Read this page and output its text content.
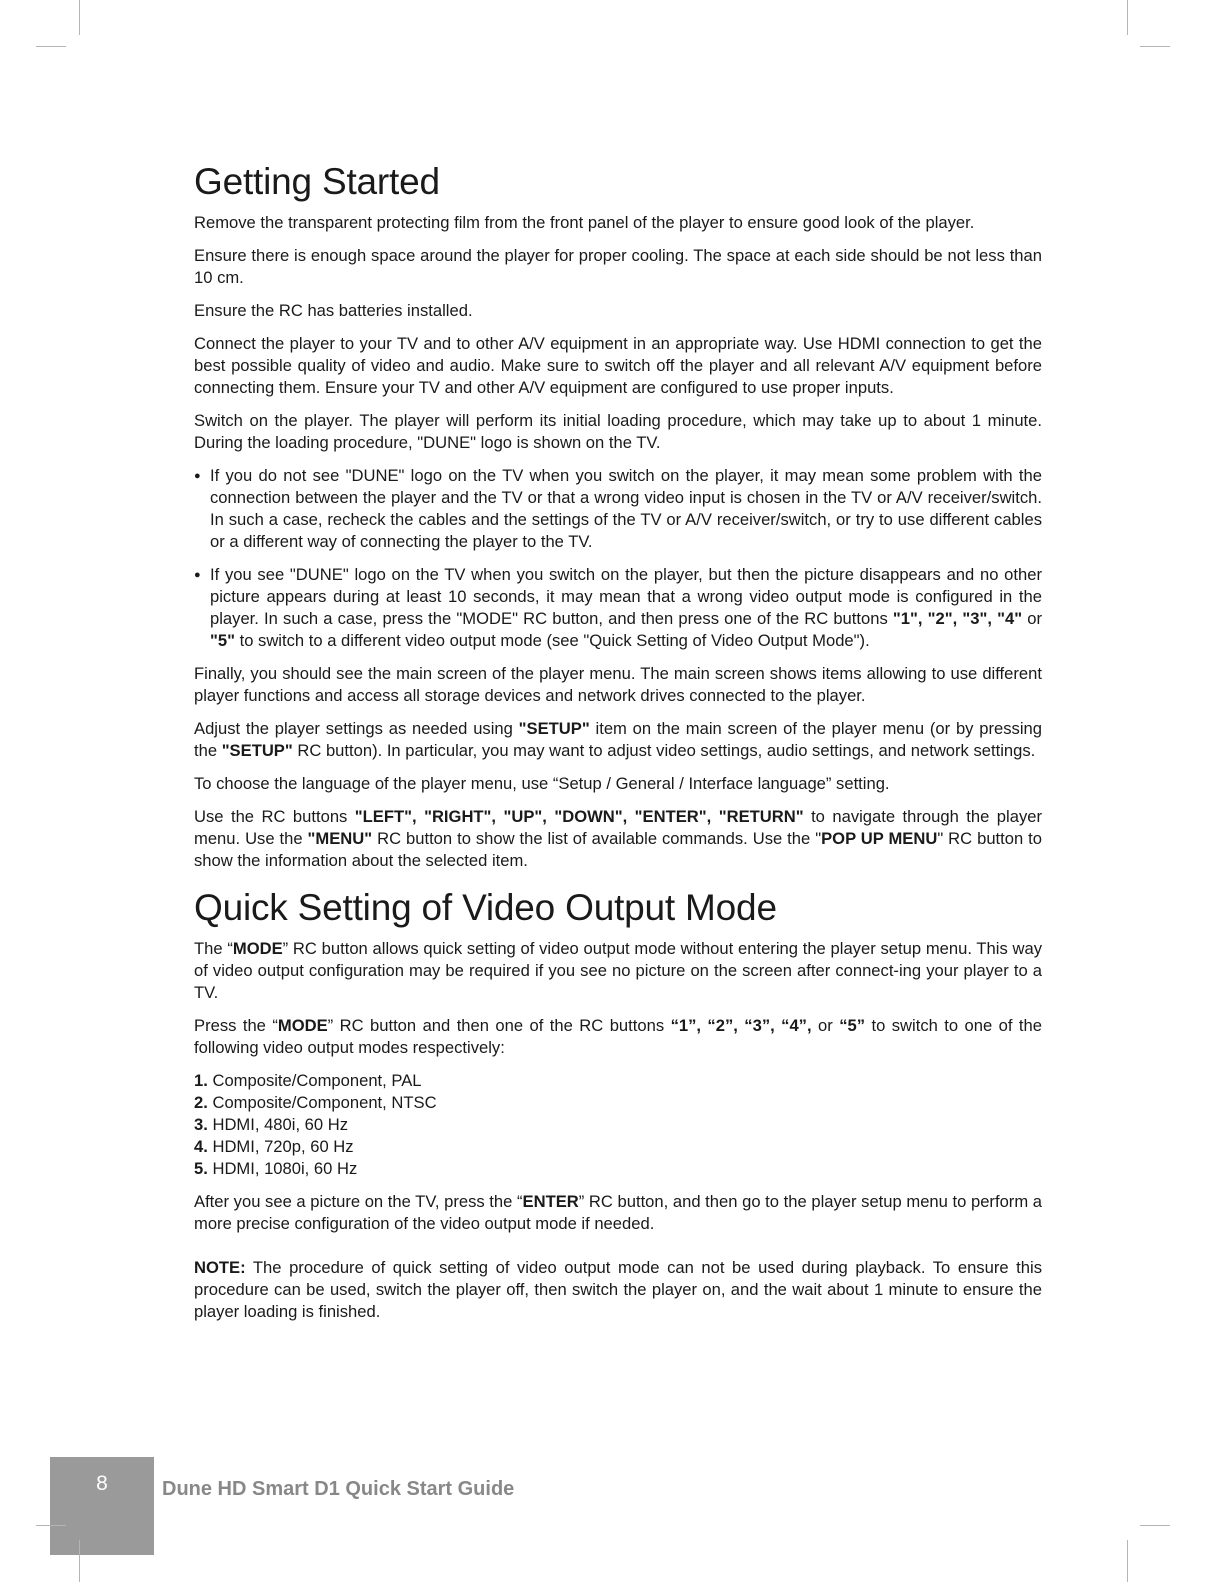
Getting Started

Remove the transparent protecting film from the front panel of the player to ensure good look of the player.

Ensure there is enough space around the player for proper cooling. The space at each side should be not less than 10 cm.

Ensure the RC has batteries installed.

Connect the player to your TV and to other A/V equipment in an appropriate way. Use HDMI connection to get the best possible quality of video and audio. Make sure to switch off the player and all relevant A/V equipment before connecting them. Ensure your TV and other A/V equipment are configured to use proper inputs.

Switch on the player. The player will perform its initial loading procedure, which may take up to about 1 minute. During the loading procedure, "DUNE" logo is shown on the TV.

● If you do not see "DUNE" logo on the TV when you switch on the player, it may mean some problem with the connection between the player and the TV or that a wrong video input is chosen in the TV or A/V receiver/switch. In such a case, recheck the cables and the settings of the TV or A/V receiver/switch, or try to use different cables or a different way of connecting the player to the TV.
● If you see "DUNE" logo on the TV when you switch on the player, but then the picture disappears and no other picture appears during at least 10 seconds, it may mean that a wrong video output mode is configured in the player. In such a case, press the "MODE" RC button, and then press one of the RC buttons "1", "2", "3", "4" or "5" to switch to a different video output mode (see "Quick Setting of Video Output Mode").

Finally, you should see the main screen of the player menu. The main screen shows items allowing to use different player functions and access all storage devices and network drives connected to the player.

Adjust the player settings as needed using "SETUP" item on the main screen of the player menu (or by pressing the "SETUP" RC button). In particular, you may want to adjust video settings, audio settings, and network settings.

To choose the language of the player menu, use “Setup / General / Interface language” setting.

Use the RC buttons "LEFT", "RIGHT", "UP", "DOWN", "ENTER", "RETURN" to navigate through the player menu. Use the "MENU" RC button to show the list of available commands. Use the "POP UP MENU" RC button to show the information about the selected item.

Quick Setting of Video Output Mode

The “MODE” RC button allows quick setting of video output mode without entering the player setup menu. This way of video output configuration may be required if you see no picture on the screen after connect-ing your player to a TV.

Press the “MODE” RC button and then one of the RC buttons “1”, “2”, “3”, “4”, or “5” to switch to one of the following video output modes respectively:

1. Composite/Component, PAL
2. Composite/Component, NTSC
3. HDMI, 480i, 60 Hz
4. HDMI, 720p, 60 Hz
5. HDMI, 1080i, 60 Hz

After you see a picture on the TV, press the “ENTER” RC button, and then go to the player setup menu to perform a more precise configuration of the video output mode if needed.

NOTE: The procedure of quick setting of video output mode can not be used during playback. To ensure this procedure can be used, switch the player off, then switch the player on, and the wait about 1 minute to ensure the player loading is finished.

8	Dune HD Smart D1 Quick Start Guide
